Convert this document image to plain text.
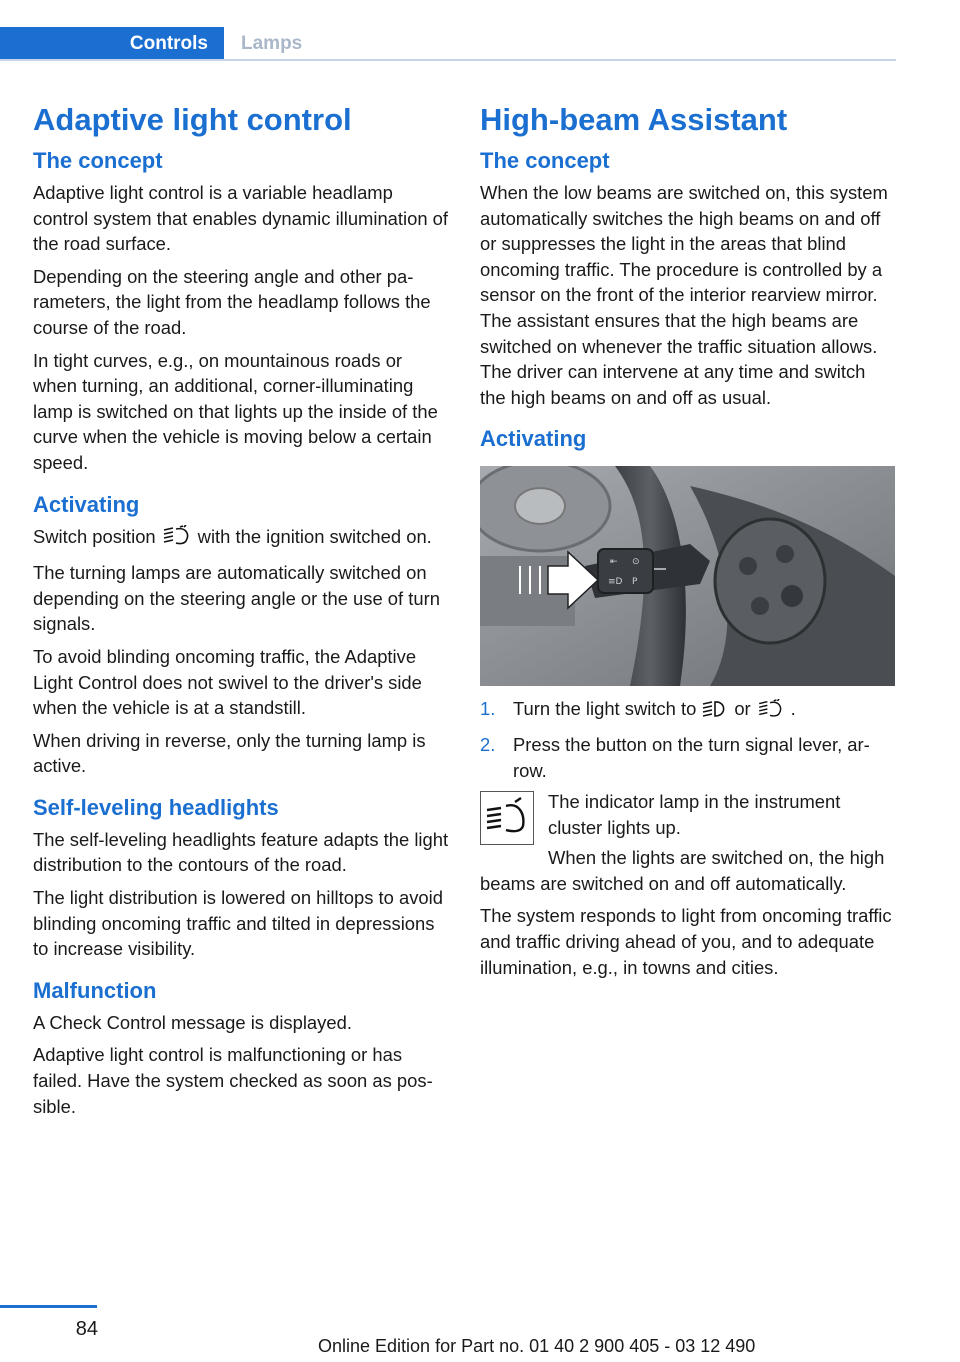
Controls	Lamps
Adaptive light control
The concept

Adaptive light control is a variable headlamp control system that enables dynamic illumination of the road surface.

Depending on the steering angle and other parameters, the light from the headlamp follows the course of the road.

In tight curves, e.g., on mountainous roads or when turning, an additional, corner-illuminating lamp is switched on that lights up the inside of the curve when the vehicle is moving below a certain speed.

Activating

Switch position with the ignition switched on.

The turning lamps are automatically switched on depending on the steering angle or the use of turn signals.

To avoid blinding oncoming traffic, the Adaptive Light Control does not swivel to the driver's side when the vehicle is at a standstill.

When driving in reverse, only the turning lamp is active.

Self-leveling headlights

The self-leveling headlights feature adapts the light distribution to the contours of the road.

The light distribution is lowered on hilltops to avoid blinding oncoming traffic and tilted in depressions to increase visibility.

Malfunction

A Check Control message is displayed.

Adaptive light control is malfunctioning or has failed. Have the system checked as soon as possible.

High-beam Assistant
The concept

When the low beams are switched on, this system automatically switches the high beams on and off or suppresses the light in the areas that blind oncoming traffic. The procedure is controlled by a sensor on the front of the interior rearview mirror. The assistant ensures that the high beams are switched on whenever the traffic situation allows. The driver can intervene at any time and switch the high beams on and off as usual.

Activating
⇤ ⊙
≡D P
1. Turn the light switch to or .
2. Press the button on the turn signal lever, arrow.

The indicator lamp in the instrument cluster lights up.

When the lights are switched on, the high beams are switched on and off automatically.

The system responds to light from oncoming traffic and traffic driving ahead of you, and to adequate illumination, e.g., in towns and cities.

84
Online Edition for Part no. 01 40 2 900 405 - 03 12 490
